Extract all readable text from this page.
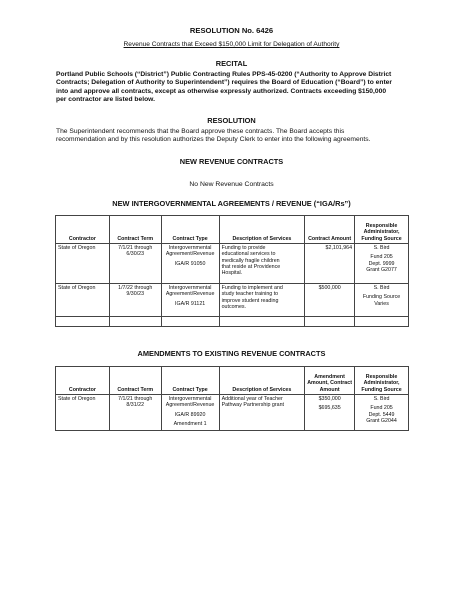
RESOLUTION No. 6426
Revenue Contracts that Exceed $150,000 Limit for Delegation of Authority
RECITAL
Portland Public Schools (“District”) Public Contracting Rules PPS-45-0200 (“Authority to Approve District
Contracts; Delegation of Authority to Superintendent”) requires the Board of Education (“Board”) to enter
into and approve all contracts, except as otherwise expressly authorized. Contracts exceeding $150,000
per contractor are listed below.
RESOLUTION
The Superintendent recommends that the Board approve these contracts. The Board accepts this
recommendation and by this resolution authorizes the Deputy Clerk to enter into the following agreements.
NEW REVENUE CONTRACTS
No New Revenue Contracts
NEW INTERGOVERNMENTAL AGREEMENTS / REVENUE (“IGA/Rs”)
Contractor	Contract Term	Contract Type	Description of Services	Contract Amount	Responsible Administrator, Funding Source
State of Oregon	7/1/21 through
6/30/23	Intergovernmental
Agreement/Revenue
IGA/R 91050	Funding to provide
educational services to
medically fragile children
that reside at Providence
Hospital.	$2,101,964	S. Bird
Fund 205
Dept. 9999
Grant G2077

State of Oregon	1/7/22 through
9/30/23	Intergovernmental
Agreement/Revenue
IGA/R 91121	Funding to implement and
study teacher training to
improve student reading
outcomes.	$500,000	S. Bird
Funding Source
Varies

AMENDMENTS TO EXISTING REVENUE CONTRACTS
Contractor	Contract Term	Contract Type	Description of Services	Amendment Amount, Contract Amount	Responsible Administrator, Funding Source
State of Oregon	7/1/21 through
8/31/22	Intergovernmental
Agreement/Revenue
IGA/R 89920
Amendment 1	Additional year of Teacher
Pathway Partnership grant	$350,000
$695,635	S. Bird
Fund 205
Dept. 5449
Grant G2044
